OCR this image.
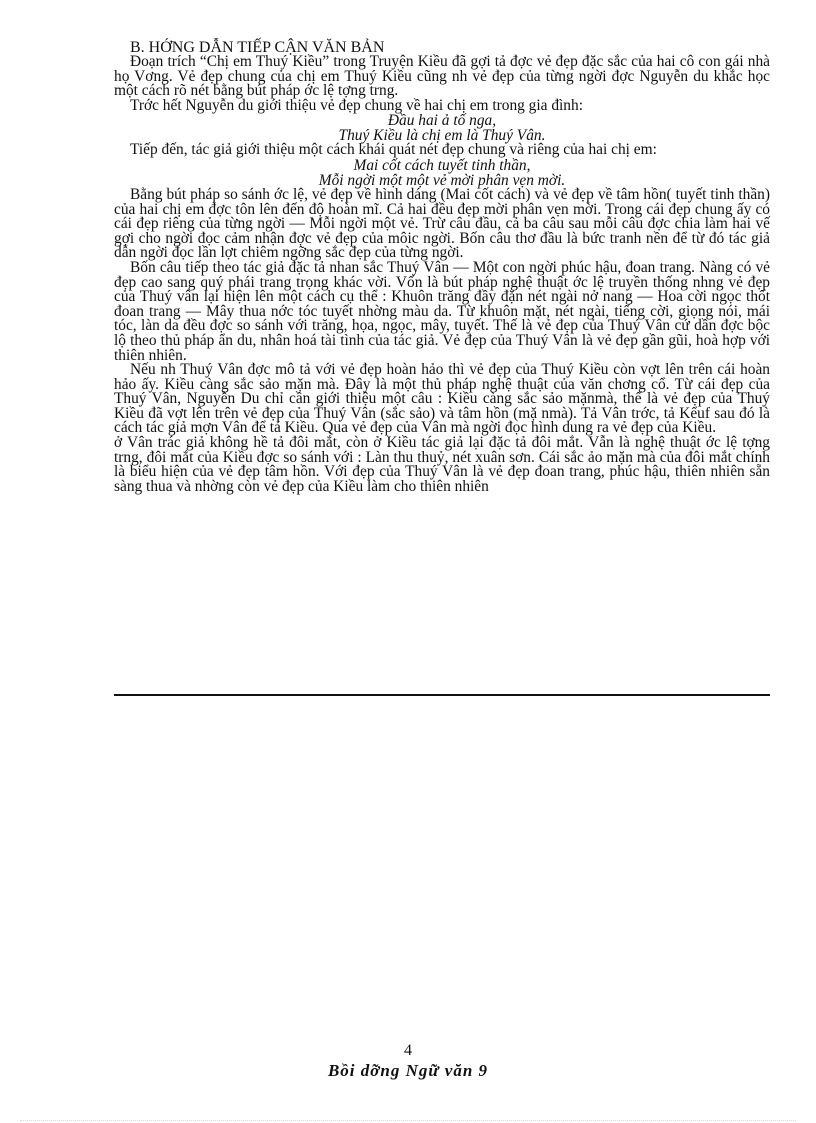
B. HỚNG DẪN TIẾP CẬN VĂN BẢN

Đoạn trích “Chị em Thuý Kiều” trong Truyện Kiều đã gợi tả đợc vẻ đẹp đặc sắc của hai cô con gái nhà họ Vơng. Vẻ đẹp chung của chị em Thuý Kiều cũng nh vẻ đẹp của từng ngời đợc Nguyễn du khắc học một cách rõ nét bằng bút pháp ớc lệ tợng trng.

Trớc hết Nguyễn du giới thiệu vẻ đẹp chung về hai chị em trong gia đình:

Đầu hai ả tố nga,

Thuý Kiều là chị em là Thuý Vân.

Tiếp đến, tác giả giới thiệu một cách khái quát nét đẹp chung và riêng của hai chị em:

Mai cốt cách tuyết tinh thần,

Mỗi ngời một một vẻ mời phân vẹn mời.

Bằng bút pháp so sánh ớc lệ, vẻ đẹp về hình dáng (Mai cốt cách) và vẻ đẹp về tâm hồn( tuyết tinh thần) của hai chị em đợc tôn lên đến độ hoàn mĩ. Cả hai đều đẹp mời phân vẹn mời. Trong cái đẹp chung ấy có cái đẹp riêng của từng ngời — Mỗi ngời một vẻ. Trừ câu đầu, cả ba câu sau mỗi câu đợc chia làm hai vế gợi cho ngời đọc cảm nhận đợc vẻ đẹp của môic ngời. Bốn câu thơ đầu là bức tranh nền để từ đó tác giả dẫn ngời đọc lần lợt chiêm ngỡng sắc đẹp của từng ngời.

Bốn câu tiếp theo tác giả đặc tả nhan sắc Thuý Vân — Một con ngời phúc hậu, đoan trang. Nàng có vẻ đẹp cao sang quý phái trang trọng khác vời. Vốn là bút pháp nghệ thuật ớc lệ truyền thống nhng vẻ đẹp của Thuý vân lại hiện lên một cách cụ thể : Khuôn trăng đầy đặn nét ngài nở nang — Hoa cời ngọc thốt đoan trang — Mây thua nớc tóc tuyết nhờng màu da. Từ khuôn mặt, nét ngài, tiếng cời, giọng nói, mái tóc, làn da đều đợc so sánh với trăng, họa, ngọc, mây, tuyết. Thế là vẻ đẹp của Thuý Vân cứ dần đợc bộc lộ theo thủ pháp ẩn du, nhân hoá tài tình của tác giả. Vẻ đẹp của Thuý Vân là vẻ đẹp gần gũi, hoà hợp với thiên nhiên.

Nếu nh Thuý Vân đợc mô tả với vẻ đẹp hoàn hảo thì vẻ đẹp của Thuý Kiều còn vợt lên trên cái hoàn hảo ấy. Kiều càng sắc sảo mặn mà. Đây là một thủ pháp nghệ thuật của văn chơng cổ. Từ cái đẹp của Thuý Vân, Nguyễn Du chỉ cần giới thiệu một câu : Kiều càng sắc sảo mặnmà, thế là vẻ đẹp của Thuý Kiều đã vợt lên trên vẻ đẹp của Thuý Vân (sắc sảo) và tâm hồn (mặ nmà). Tả Vân trớc, tả Kểuf sau đó là cách tác giả mợn Vân để tả Kiều. Qua vẻ đẹp của Vân mà ngời đọc hình dung ra vẻ đẹp của Kiều.

ở Vân trác giả không hề tả đôi mắt, còn ở Kiều tác giả lại đặc tả đôi mắt. Vẫn là nghệ thuật ớc lệ tợng trng, đôi mắt của Kiều đợc so sánh với : Làn thu thuỷ, nét xuân sơn. Cái sắc ảo mặn mà của đôi mắt chính là biểu hiện của vẻ đẹp tâm hồn. Với đẹp của Thuý Vân là vẻ đẹp đoan trang, phúc hậu, thiên nhiên sẵn sàng thua và nhờng còn vẻ đẹp của Kiều làm cho thiên nhiên

4
Bồi dỡng Ngữ văn 9
